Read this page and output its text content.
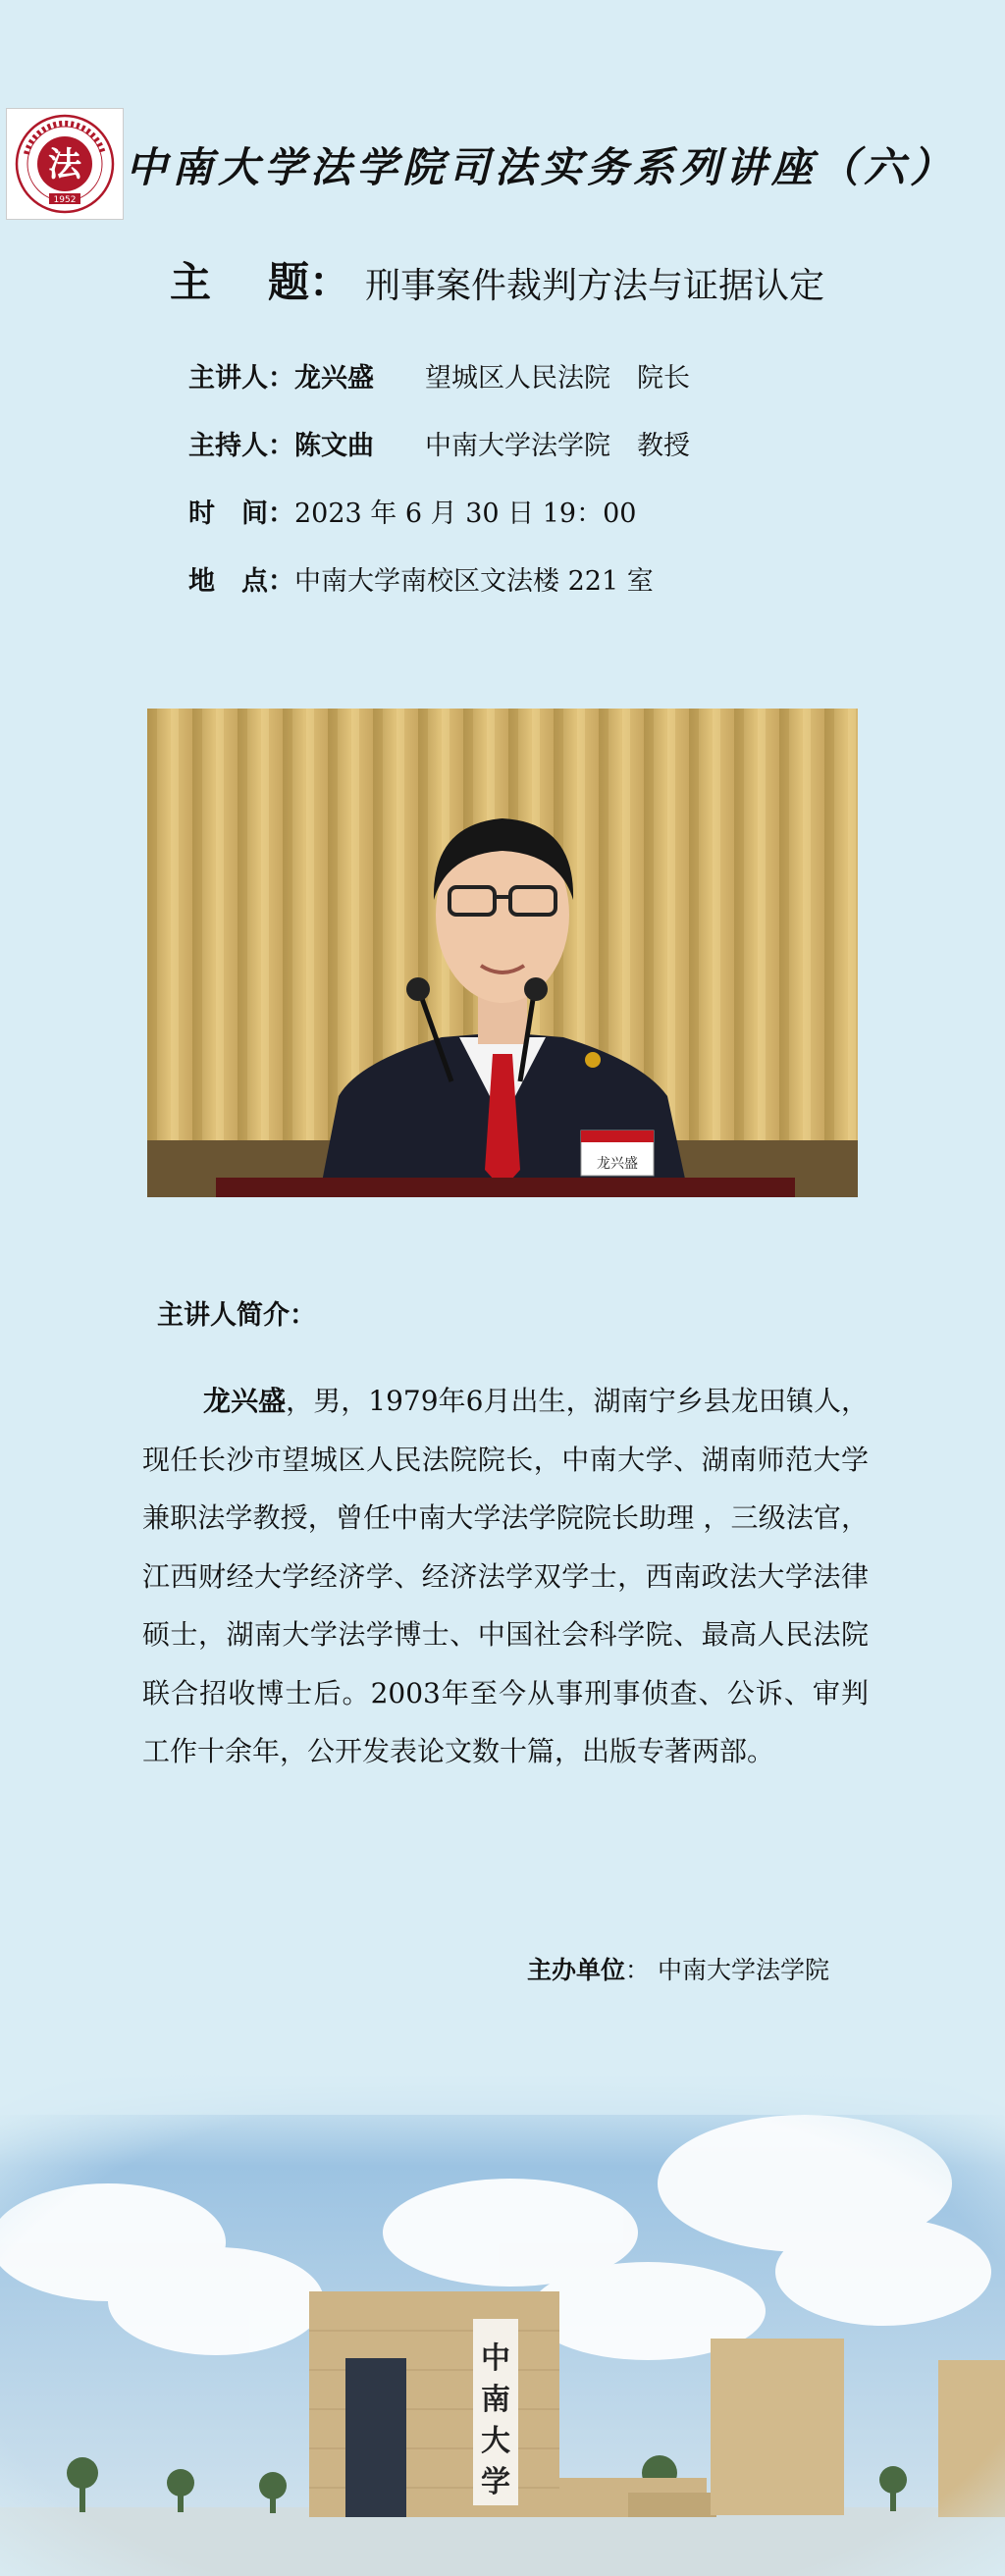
法
1952
中南大学法学院司法实务系列讲座（六）
主 题： 刑事案件裁判方法与证据认定
主讲人：龙兴盛 望城区人民法院　院长
主持人：陈文曲 中南大学法学院　教授
时　间：2023 年 6 月 30 日 19：00
地　点：中南大学南校区文法楼 221 室
龙兴盛
主讲人简介：
龙兴盛，男，1979年6月出生，湖南宁乡县龙田镇人，现任长沙市望城区人民法院院长，中南大学、湖南师范大学兼职法学教授，曾任中南大学法学院院长助理 ，三级法官，江西财经大学经济学、经济法学双学士，西南政法大学法律硕士，湖南大学法学博士、中国社会科学院、最高人民法院联合招收博士后。2003年至今从事刑事侦查、公诉、审判工作十余年，公开发表论文数十篇，出版专著两部。
主办单位： 中南大学法学院
